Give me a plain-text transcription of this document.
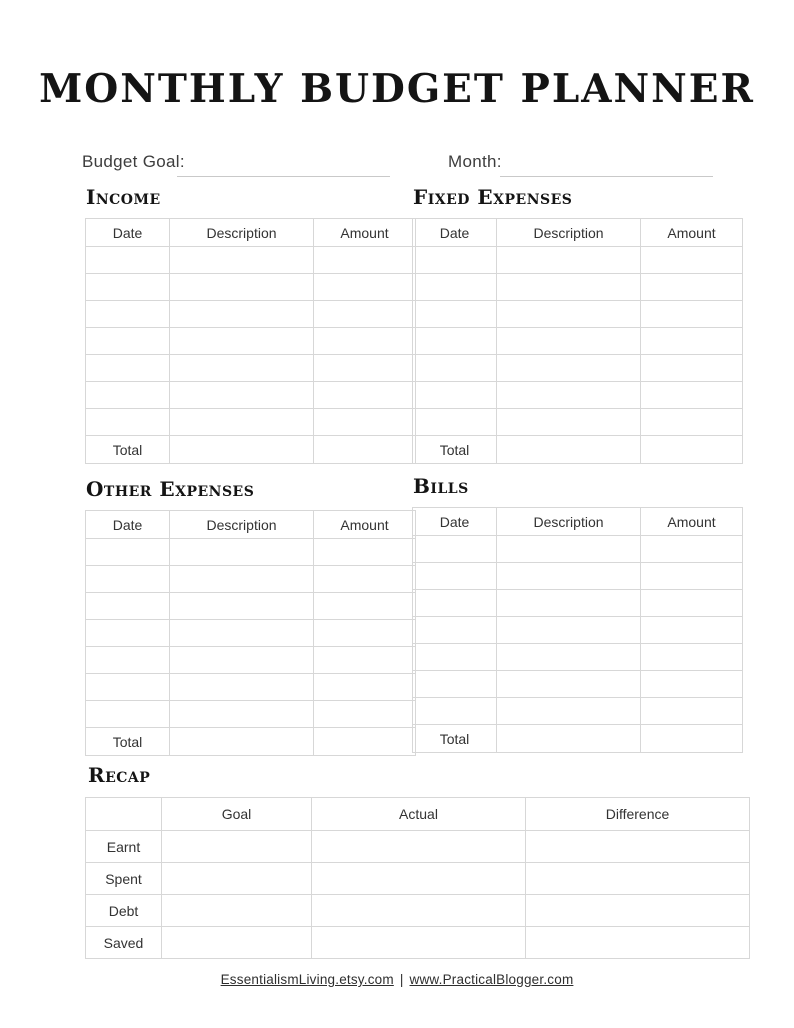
MONTHLY BUDGET PLANNER
Budget Goal:	Month:
Income
Date	Description	Amount

Total		
Fixed Expenses
Date	Description	Amount

Total		
Other Expenses
Date	Description	Amount

Total		
Bills
Date	Description	Amount

Total		
Recap
	Goal	Actual	Difference
Earnt			
Spent			
Debt			
Saved			
EssentialismLiving.etsy.com | www.PracticalBlogger.com
